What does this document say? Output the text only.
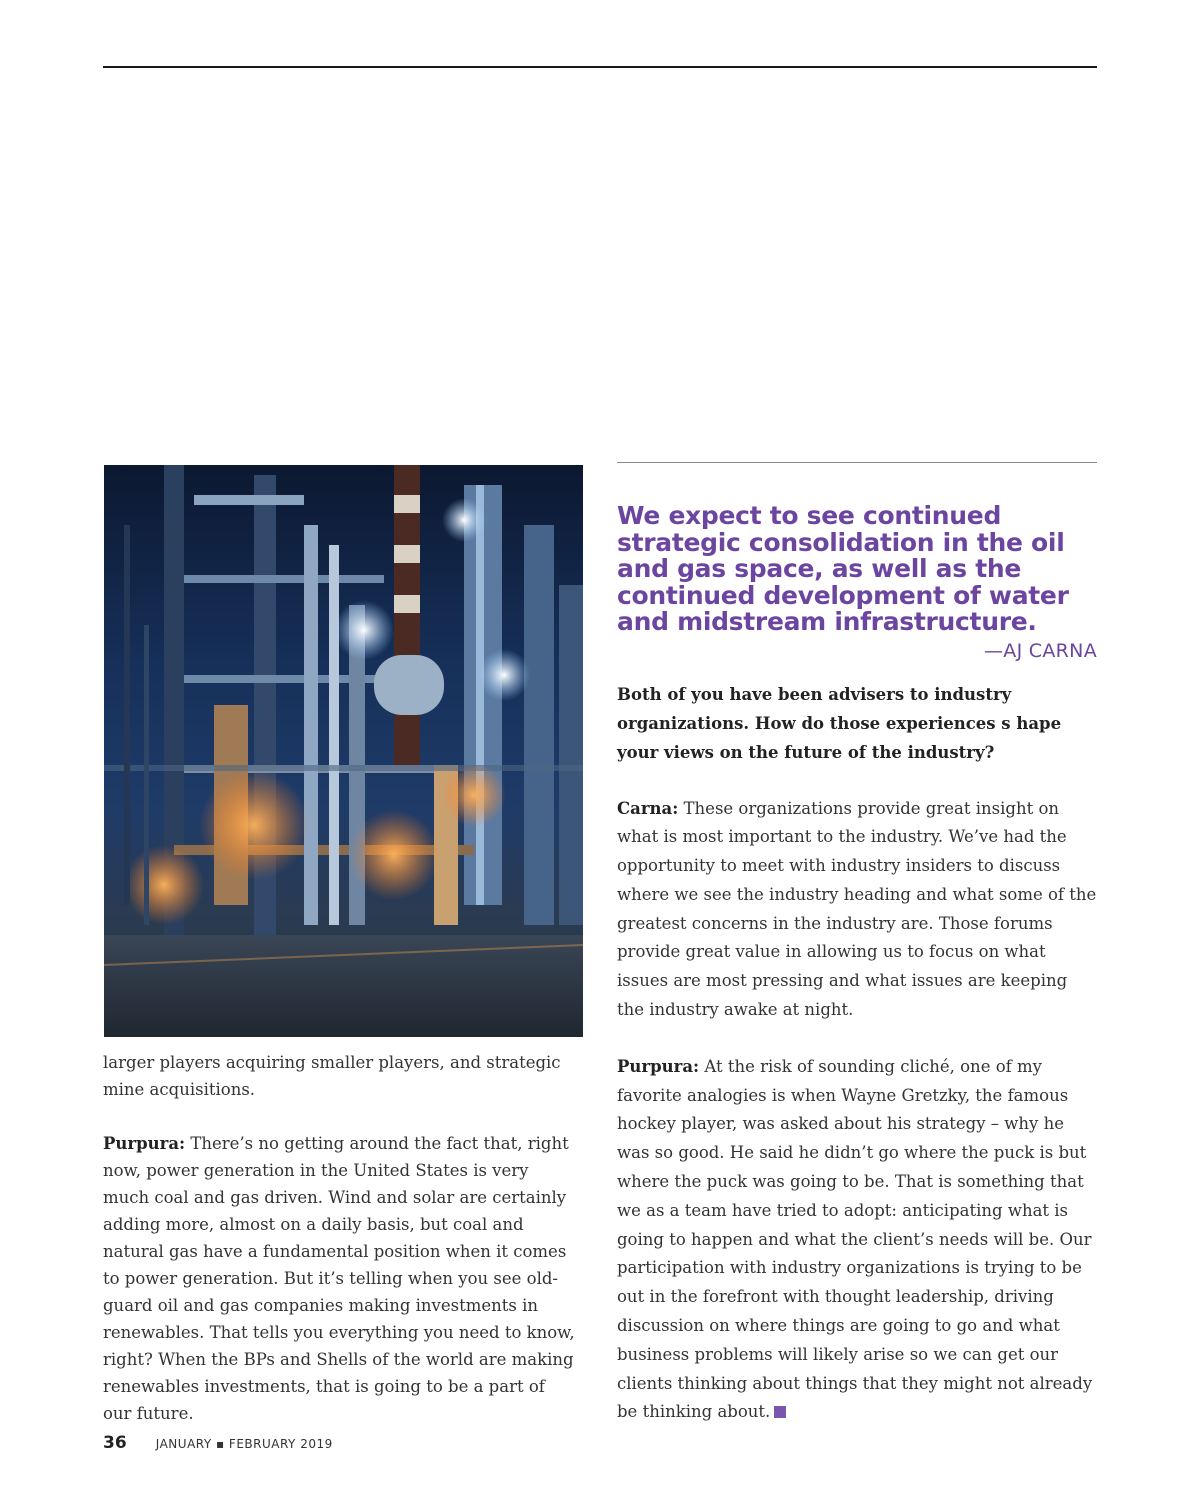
larger players acquiring smaller players, and strategic mine acquisitions.

Purpura: There’s no getting around the fact that, right now, power generation in the United States is very much coal and gas driven. Wind and solar are certainly adding more, almost on a daily basis, but coal and natural gas have a fundamental position when it comes to power generation. But it’s telling when you see old-guard oil and gas companies making investments in renewables. That tells you everything you need to know, right? When the BPs and Shells of the world are making renewables investments, that is going to be a part of our future.

We expect to see continued strategic consolidation in the oil and gas space, as well as the continued development of water and midstream infrastructure.

—AJ CARNA

Both of you have been advisers to industry organizations. How do those experiences s hape your views on the future of the industry?

Carna: These organizations provide great insight on what is most important to the industry. We’ve had the opportunity to meet with industry insiders to discuss where we see the industry heading and what some of the greatest concerns in the industry are. Those forums provide great value in allowing us to focus on what issues are most pressing and what issues are keeping the industry awake at night.

Purpura: At the risk of sounding cliché, one of my favorite analogies is when Wayne Gretzky, the famous hockey player, was asked about his strategy – why he was so good. He said he didn’t go where the puck is but where the puck was going to be. That is something that we as a team have tried to adopt: anticipating what is going to happen and what the client’s needs will be. Our participation with industry organizations is trying to be out in the forefront with thought leadership, driving discussion on where things are going to go and what business problems will likely arise so we can get our clients thinking about things that they might not already be thinking about.

36 JANUARY ▪ FEBRUARY 2019
